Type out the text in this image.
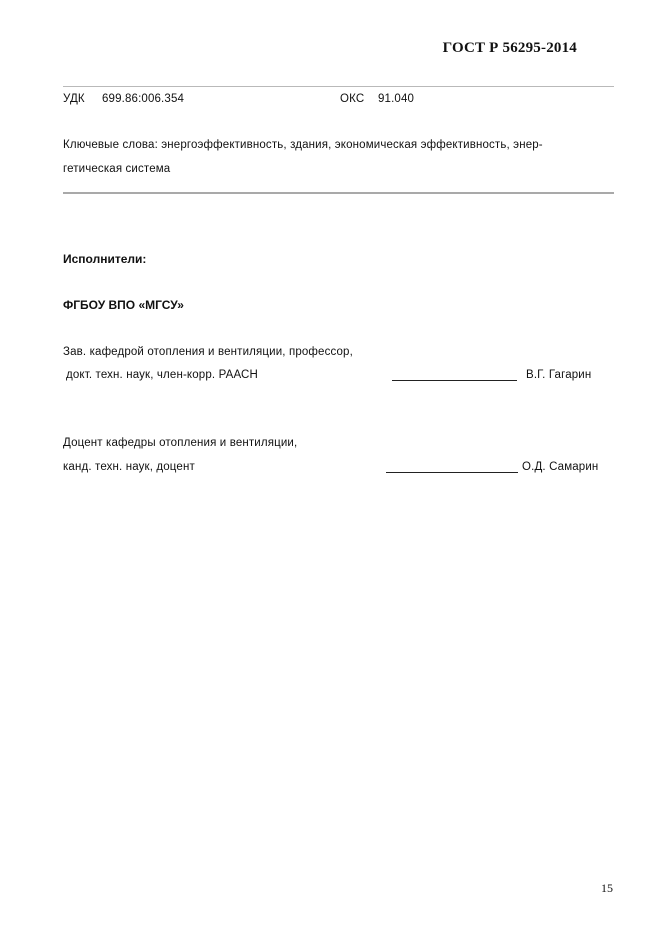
ГОСТ Р 56295-2014
УДК 699.86:006.354	ОКС 91.040
Ключевые слова: энергоэффективность, здания, экономическая эффективность, энер-
гетическая система
Исполнители:
ФГБОУ ВПО «МГСУ»
Зав. кафедрой отопления и вентиляции, профессор,
докт. техн. наук, член-корр. РААСН	В.Г. Гагарин
Доцент кафедры отопления и вентиляции,
канд. техн. наук, доцент	О.Д. Самарин
15
